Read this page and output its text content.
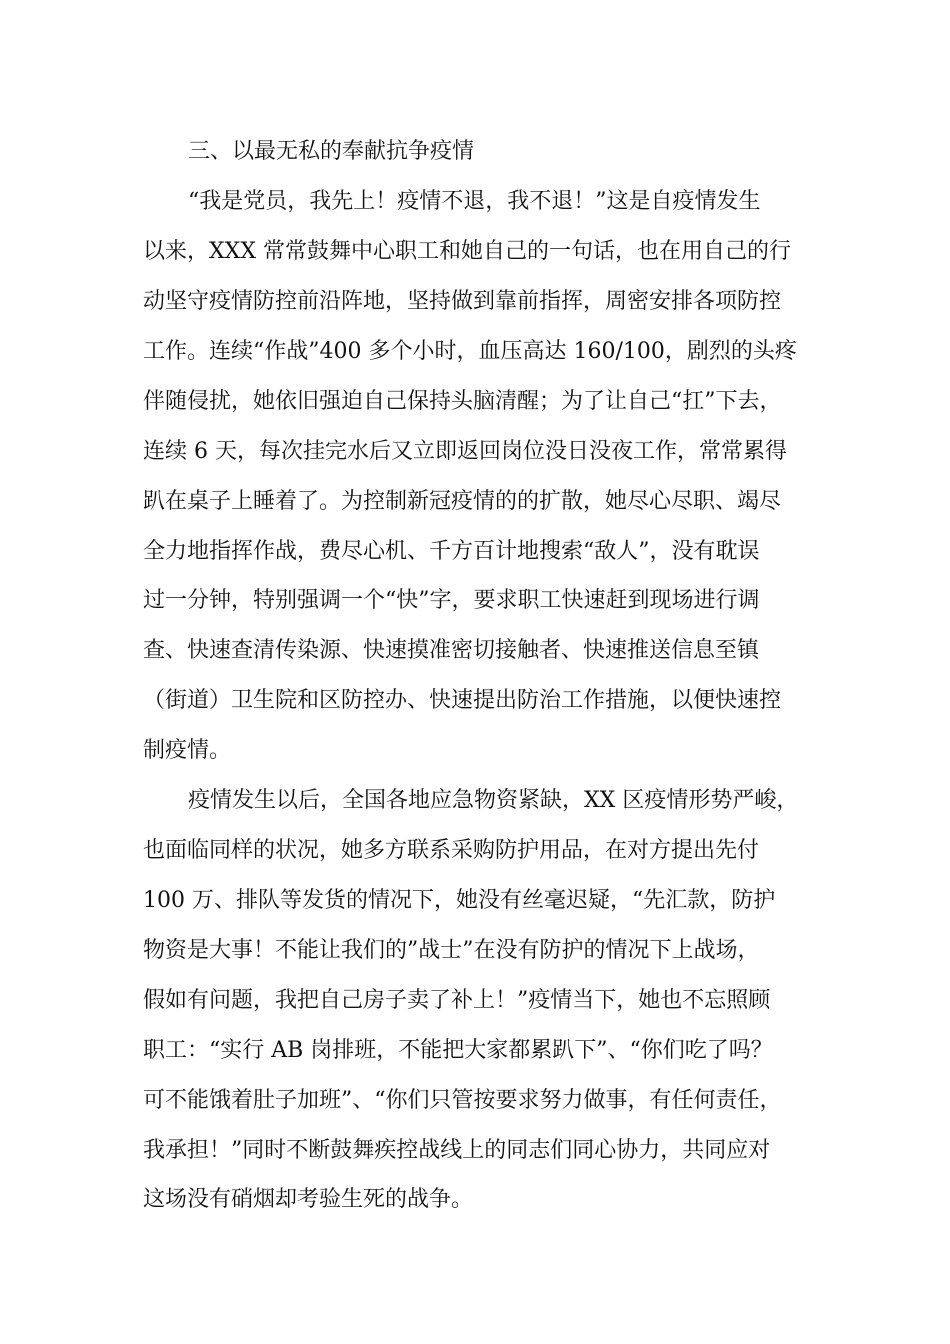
三、以最无私的奉献抗争疫情

“我是党员，我先上！疫情不退，我不退！”这是自疫情发生

以来，XXX 常常鼓舞中心职工和她自己的一句话，也在用自己的行

动坚守疫情防控前沿阵地，坚持做到靠前指挥，周密安排各项防控

工作。连续“作战”400 多个小时，血压高达 160/100，剧烈的头疼

伴随侵扰，她依旧强迫自己保持头脑清醒；为了让自己“扛”下去，

连续 6 天，每次挂完水后又立即返回岗位没日没夜工作，常常累得

趴在桌子上睡着了。为控制新冠疫情的的扩散，她尽心尽职、竭尽

全力地指挥作战，费尽心机、千方百计地搜索“敌人”，没有耽误

过一分钟，特别强调一个“快”字，要求职工快速赶到现场进行调

查、快速查清传染源、快速摸准密切接触者、快速推送信息至镇

（街道）卫生院和区防控办、快速提出防治工作措施，以便快速控

制疫情。

疫情发生以后，全国各地应急物资紧缺，XX 区疫情形势严峻，

也面临同样的状况，她多方联系采购防护用品，在对方提出先付

100 万、排队等发货的情况下，她没有丝毫迟疑，“先汇款，防护

物资是大事！不能让我们的”战士”在没有防护的情况下上战场，

假如有问题，我把自己房子卖了补上！”疫情当下，她也不忘照顾

职工：“实行 AB 岗排班，不能把大家都累趴下”、“你们吃了吗？

可不能饿着肚子加班”、“你们只管按要求努力做事，有任何责任，

我承担！”同时不断鼓舞疾控战线上的同志们同心协力，共同应对

这场没有硝烟却考验生死的战争。
